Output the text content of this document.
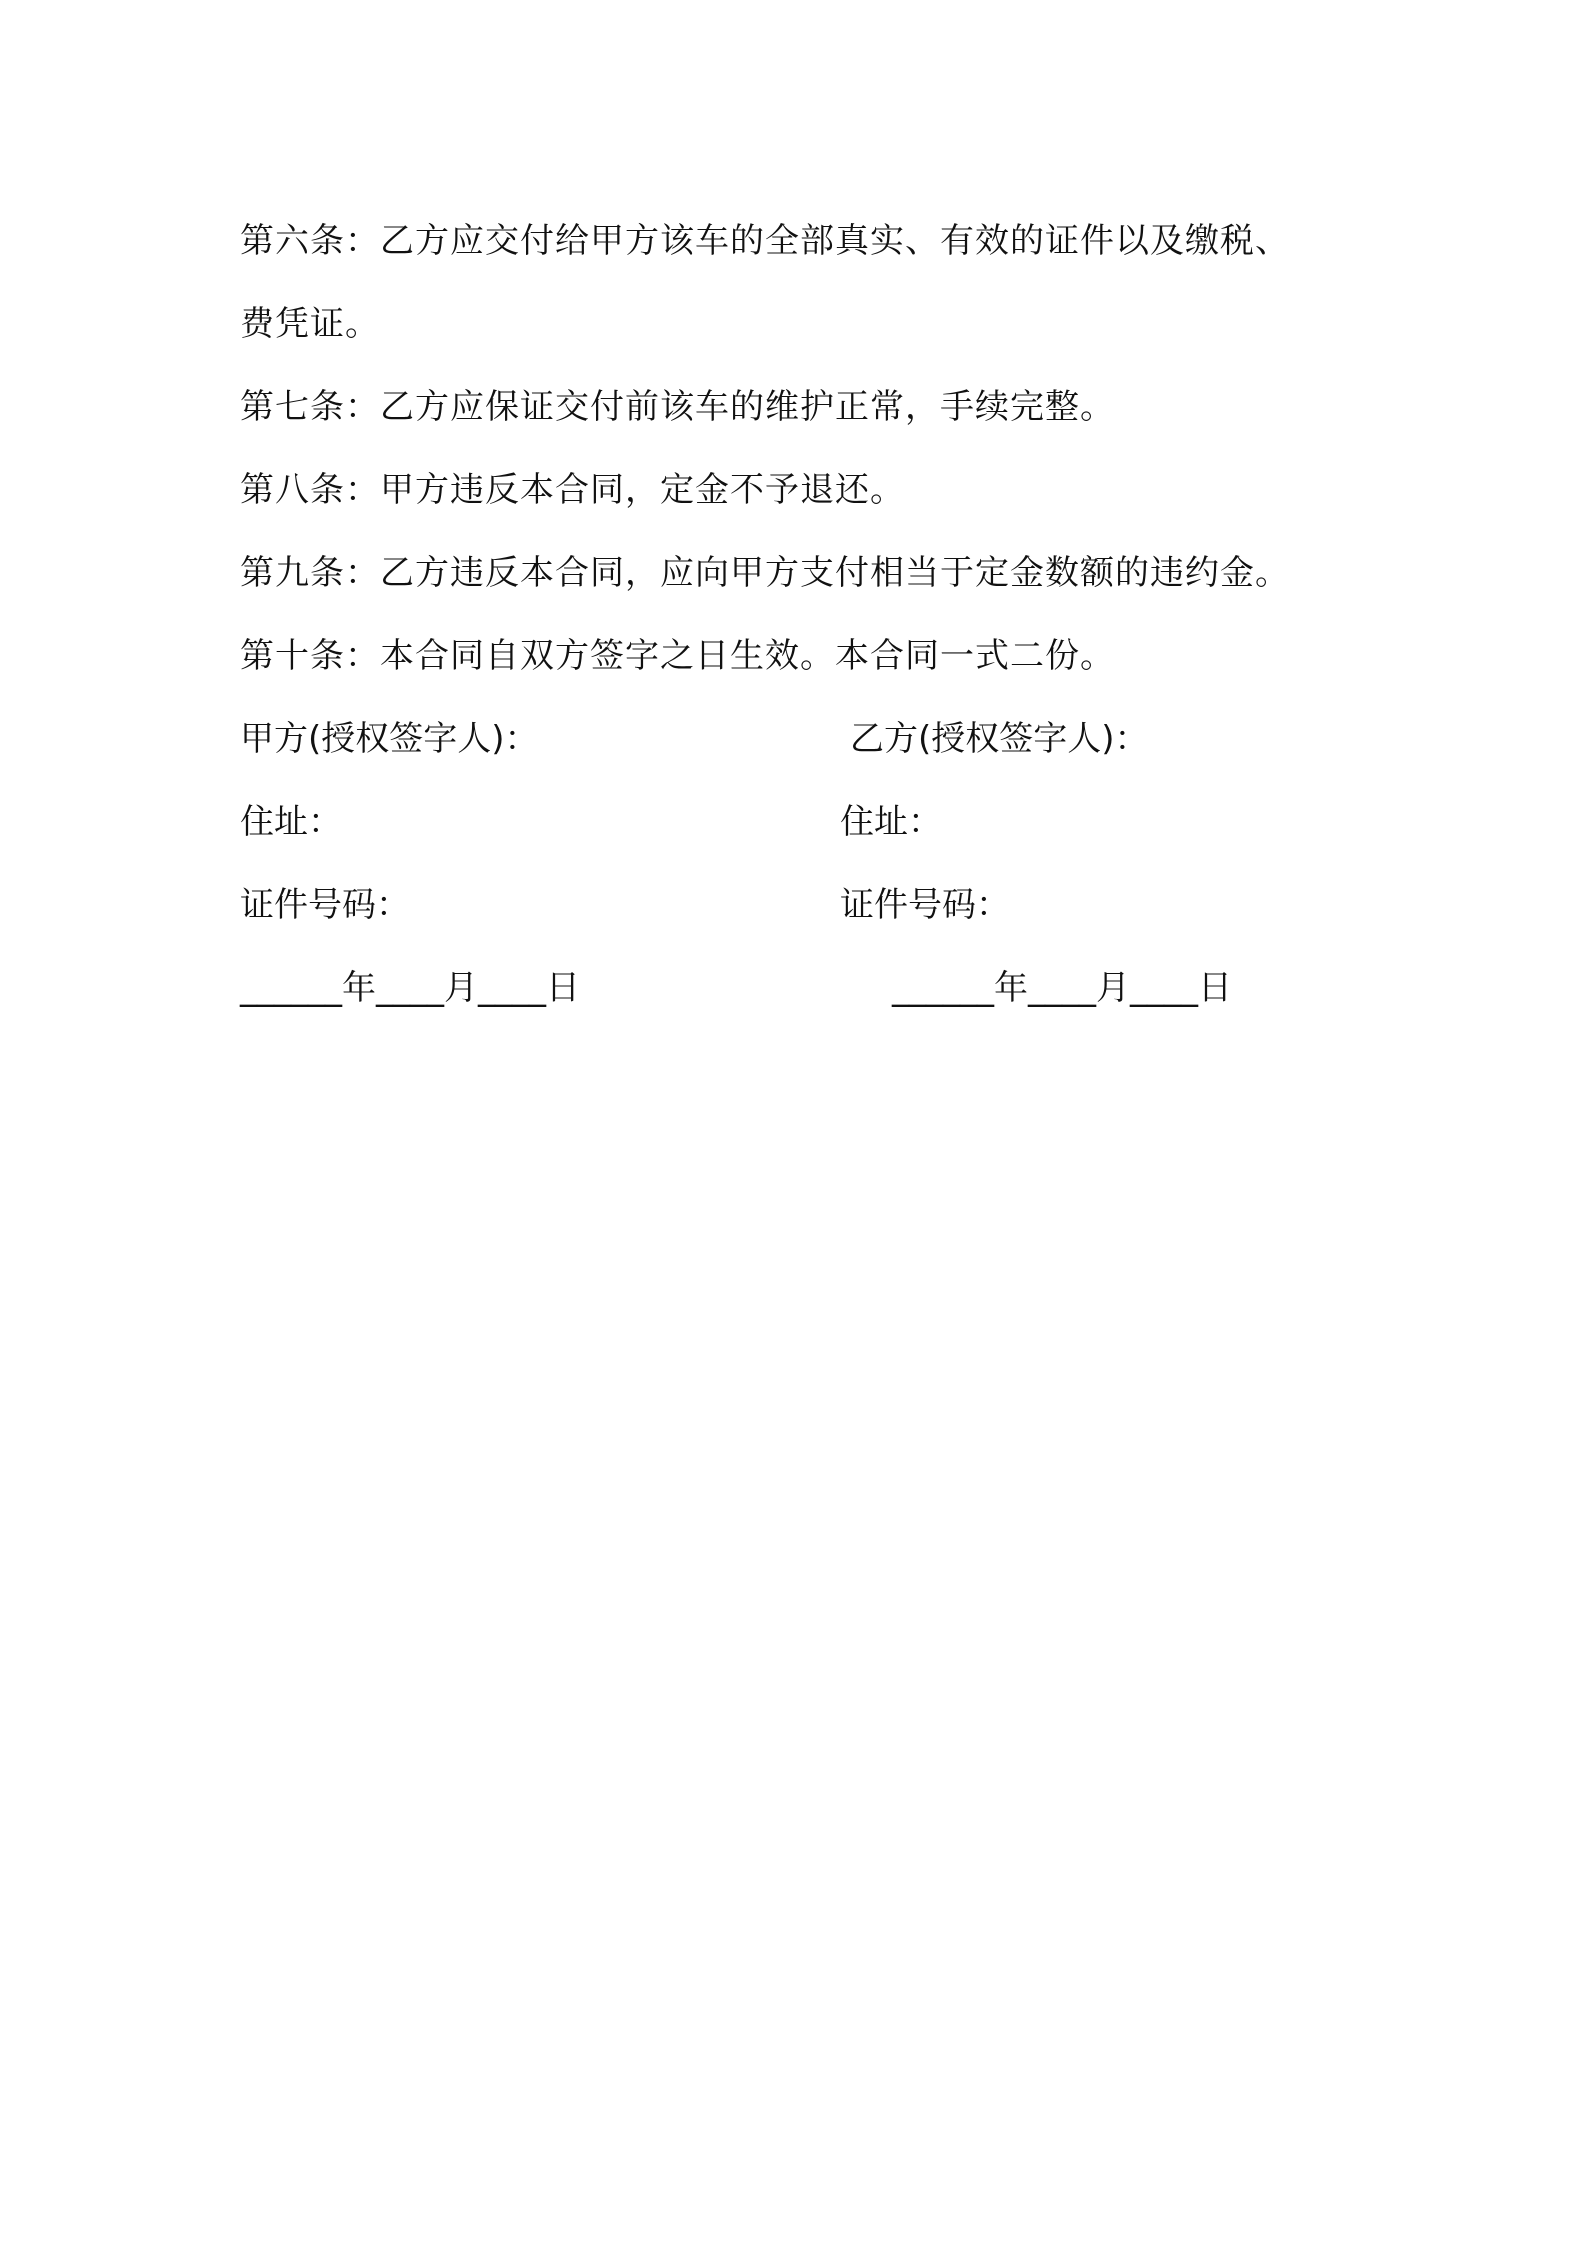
第六条：乙方应交付给甲方该车的全部真实、有效的证件以及缴税、
费凭证。
第七条：乙方应保证交付前该车的维护正常，手续完整。
第八条：甲方违反本合同，定金不予退还。
第九条：乙方违反本合同，应向甲方支付相当于定金数额的违约金。
第十条：本合同自双方签字之日生效。本合同一式二份。
甲方(授权签字人)：	乙方(授权签字人)：
住址：	住址：
证件号码：	证件号码：
______年____月____日	______年____月____日
